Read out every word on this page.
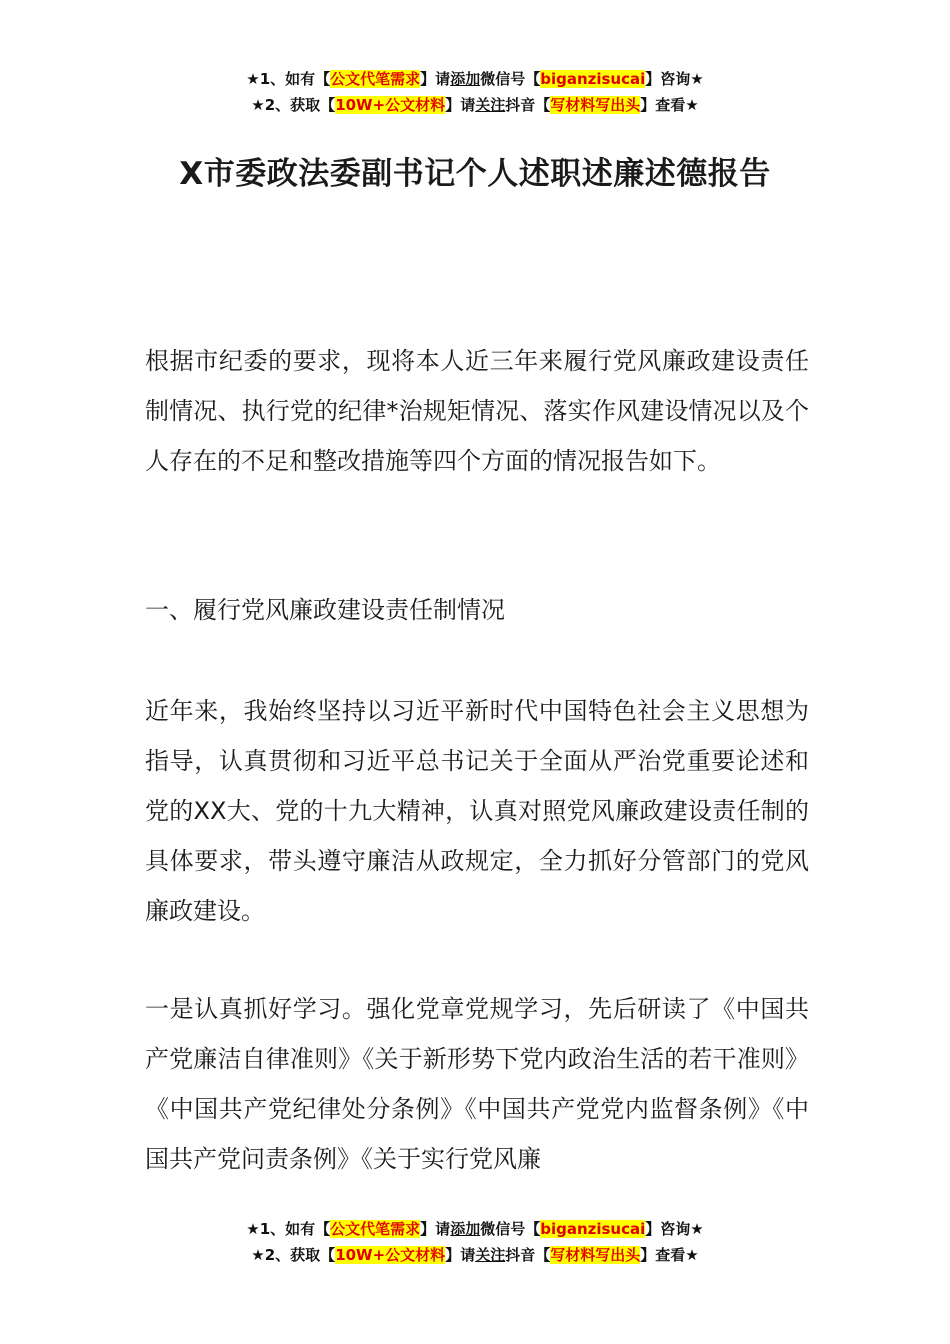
★1、如有【公文代笔需求】请添加微信号【biganzisucai】咨询★
★2、获取【10W+公文材料】请关注抖音【写材料写出头】查看★
X市委政法委副书记个人述职述廉述德报告

根据市纪委的要求，现将本人近三年来履行党风廉政建设责任制情况、执行党的纪律*治规矩情况、落实作风建设情况以及个人存在的不足和整改措施等四个方面的情况报告如下。

一、履行党风廉政建设责任制情况

近年来，我始终坚持以习近平新时代中国特色社会主义思想为指导，认真贯彻和习近平总书记关于全面从严治党重要论述和党的XX大、党的十九大精神，认真对照党风廉政建设责任制的具体要求，带头遵守廉洁从政规定，全力抓好分管部门的党风廉政建设。

一是认真抓好学习。强化党章党规学习，先后研读了《中国共产党廉洁自律准则》《关于新形势下党内政治生活的若干准则》《中国共产党纪律处分条例》《中国共产党党内监督条例》《中国共产党问责条例》《关于实行党风廉

★1、如有【公文代笔需求】请添加微信号【biganzisucai】咨询★
★2、获取【10W+公文材料】请关注抖音【写材料写出头】查看★
